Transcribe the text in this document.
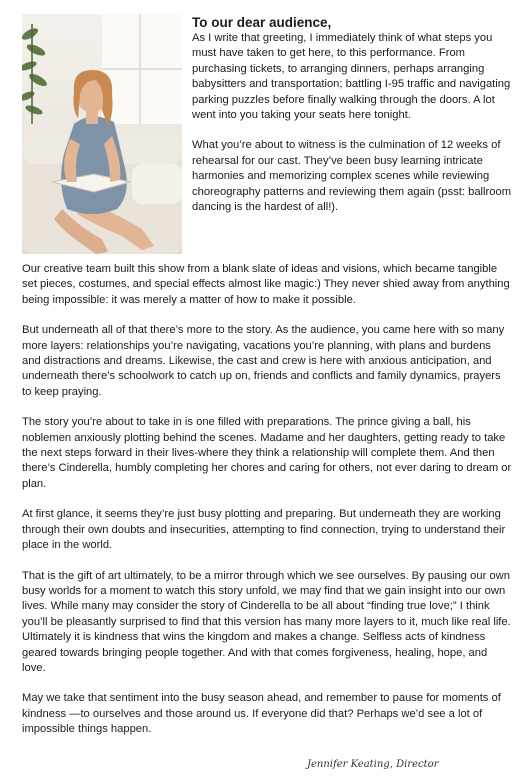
To our dear audience,

As I write that greeting, I immediately think of what steps you must have taken to get here, to this performance. From purchasing tickets, to arranging dinners, perhaps arranging babysitters and transportation; battling I-95 traffic and navigating parking puzzles before finally walking through the doors. A lot went into you taking your seats here tonight.

What you’re about to witness is the culmination of 12 weeks of rehearsal for our cast. They’ve been busy learning intricate harmonies and memorizing complex scenes while reviewing choreography patterns and reviewing them again (psst: ballroom dancing is the hardest of all!).

Our creative team built this show from a blank slate of ideas and visions, which became tangible set pieces, costumes, and special effects almost like magic:) They never shied away from anything being impossible: it was merely a matter of how to make it possible.

But underneath all of that there’s more to the story. As the audience, you came here with so many more layers: relationships you’re navigating, vacations you’re planning, with plans and burdens and distractions and dreams. Likewise, the cast and crew is here with anxious anticipation, and underneath there’s schoolwork to catch up on, friends and conflicts and family dynamics, prayers to keep praying.

The story you’re about to take in is one filled with preparations. The prince giving a ball, his noblemen anxiously plotting behind the scenes. Madame and her daughters, getting ready to take the next steps forward in their lives-where they think a relationship will complete them. And then there’s Cinderella, humbly completing her chores and caring for others, not ever daring to dream or plan.

At first glance, it seems they’re just busy plotting and preparing. But underneath they are working through their own doubts and insecurities, attempting to find connection, trying to understand their place in the world.

That is the gift of art ultimately, to be a mirror through which we see ourselves. By pausing our own busy worlds for a moment to watch this story unfold, we may find that we gain insight into our own lives. While many may consider the story of Cinderella to be all about “finding true love;” I think you’ll be pleasantly surprised to find that this version has many more layers to it, much like real life. Ultimately it is kindness that wins the kingdom and makes a change. Selfless acts of kindness geared towards bringing people together. And with that comes forgiveness, healing, hope, and love.

May we take that sentiment into the busy season ahead, and remember to pause for moments of kindness —to ourselves and those around us. If everyone did that? Perhaps we’d see a lot of impossible things happen.

Jennifer Keating, Director
